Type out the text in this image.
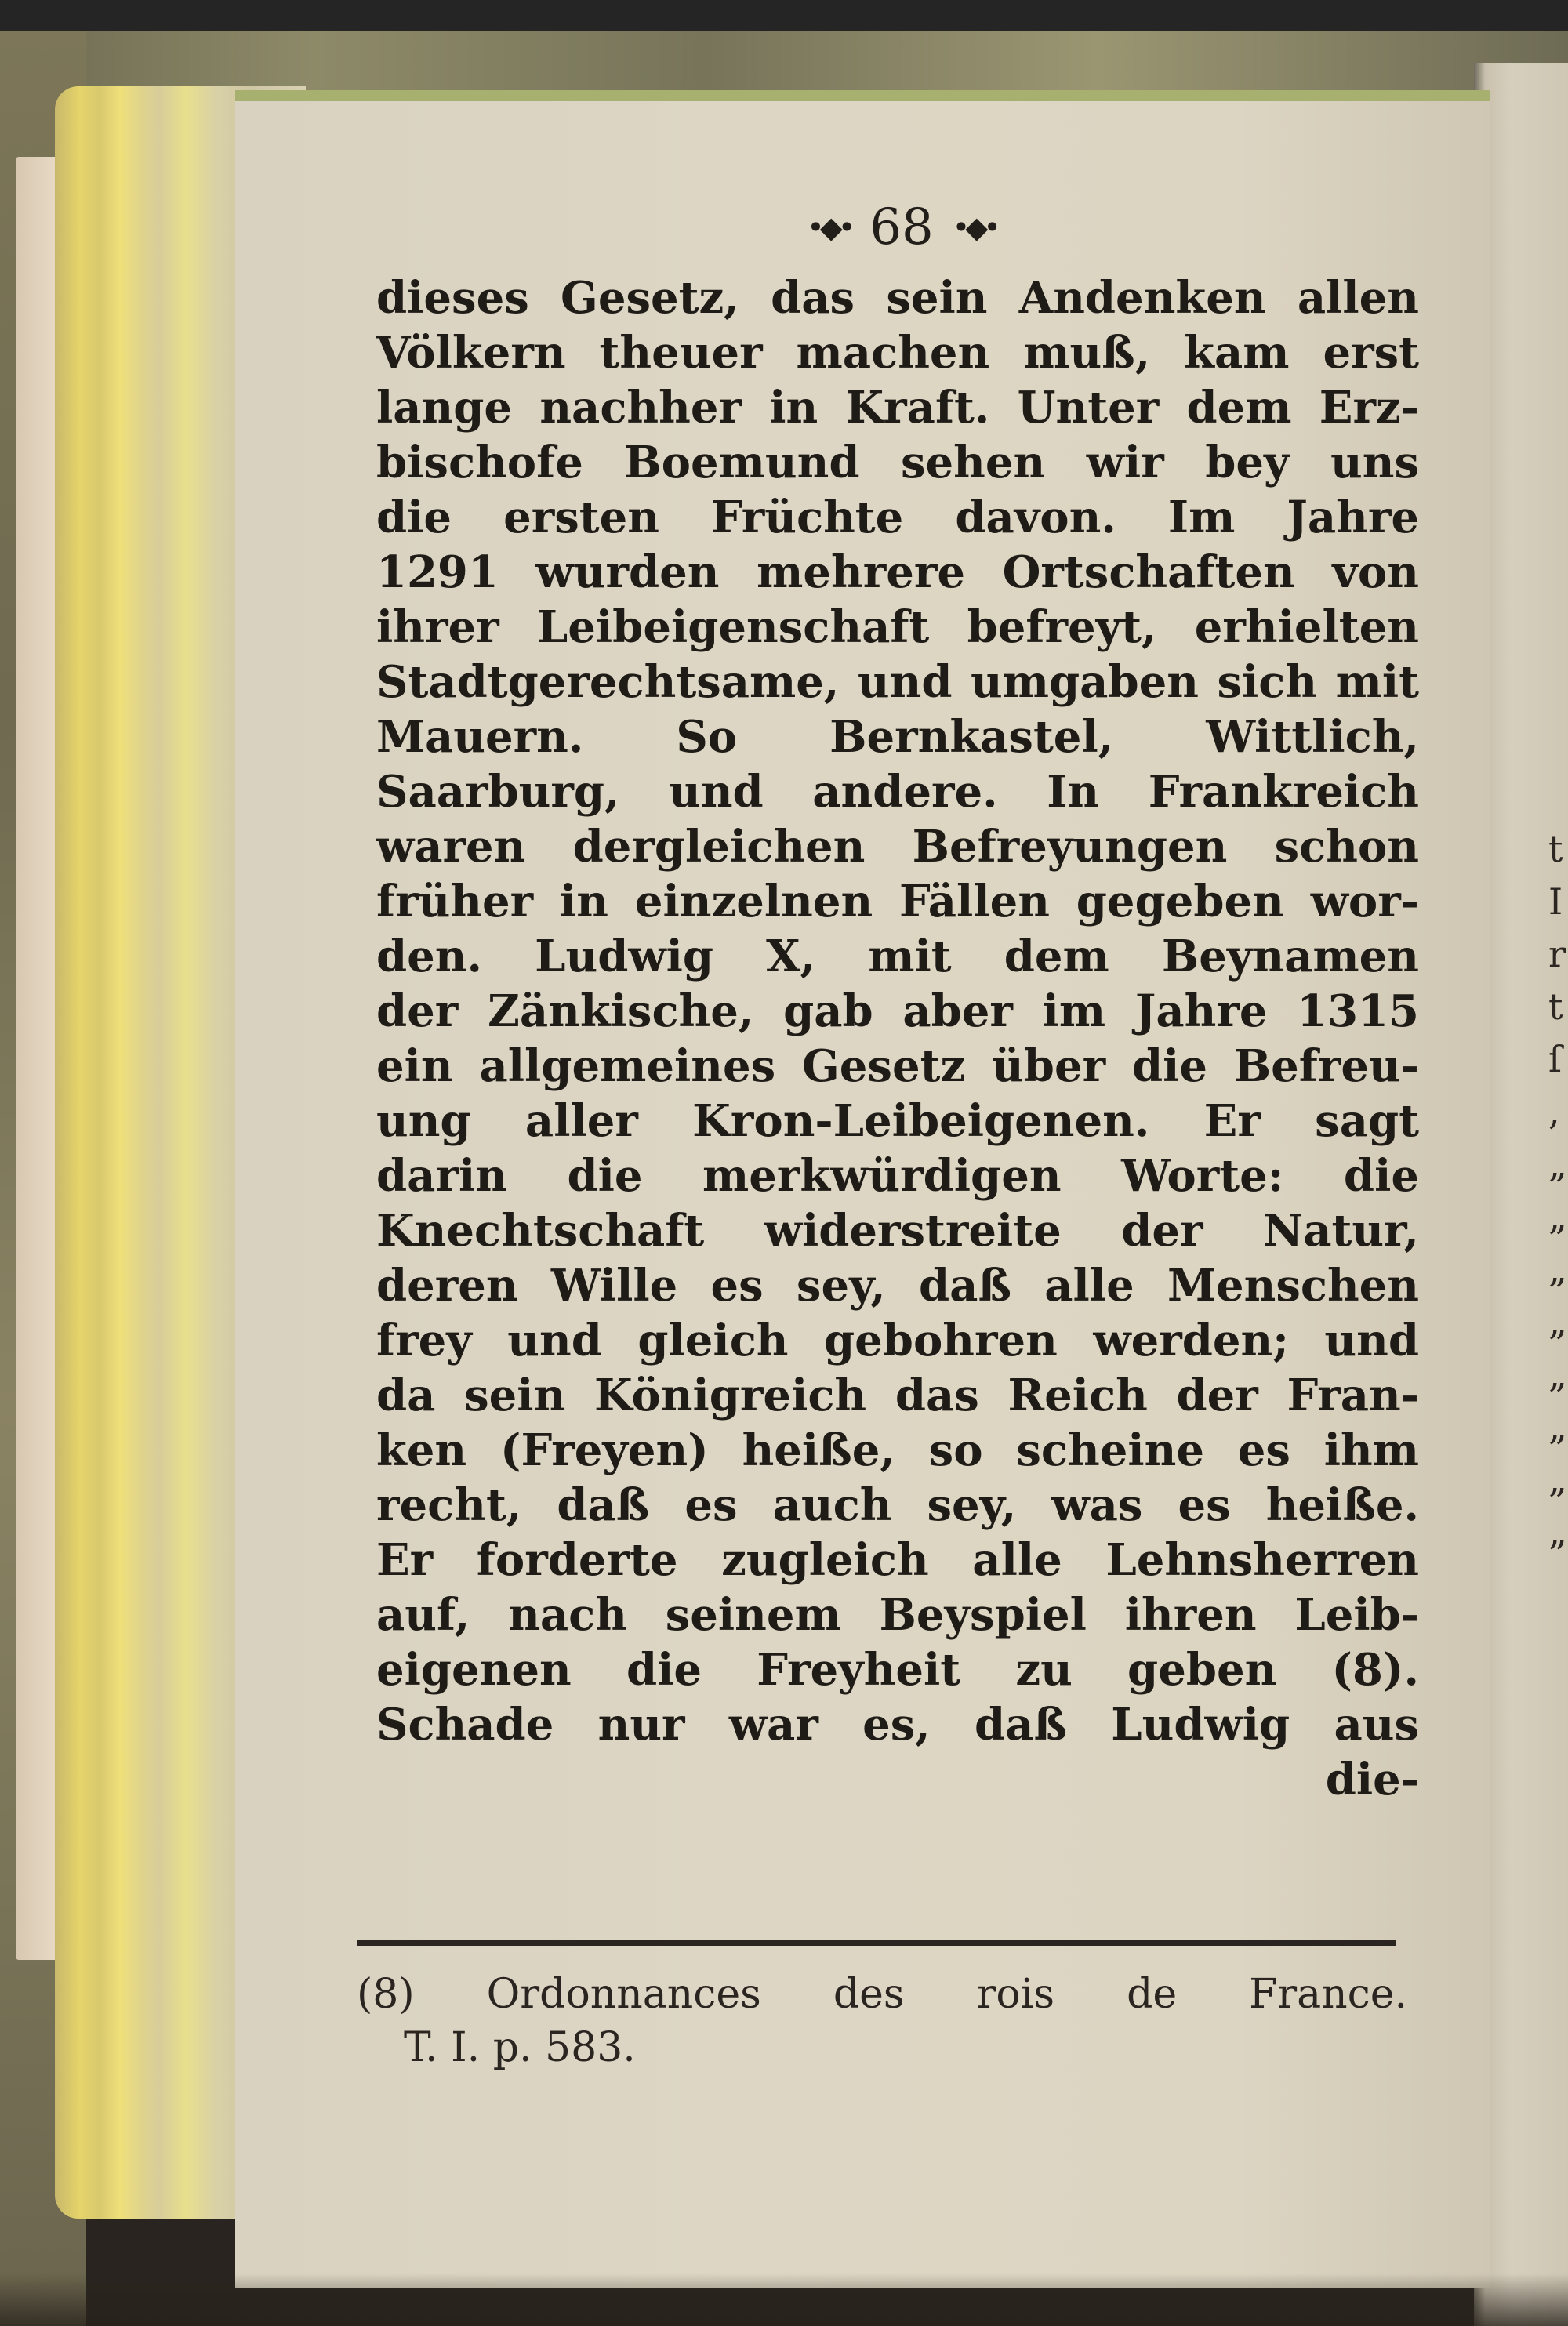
t
I
r
t
ſ
,
„
„
„
„
„
„
„
„
•◆• 68 •◆•
dieses Gesetz, das sein Andenken allen
Völkern theuer machen muß, kam erst
lange nachher in Kraft. Unter dem Erz-
bischofe Boemund sehen wir bey uns
die ersten Früchte davon. Im Jahre
1291 wurden mehrere Ortschaften von
ihrer Leibeigenschaft befreyt, erhielten
Stadtgerechtsame, und umgaben sich mit
Mauern. So Bernkastel, Wittlich,
Saarburg, und andere. In Frankreich
waren dergleichen Befreyungen schon
früher in einzelnen Fällen gegeben wor-
den. Ludwig X, mit dem Beynamen
der Zänkische, gab aber im Jahre 1315
ein allgemeines Gesetz über die Befreu-
ung aller Kron-Leibeigenen. Er sagt
darin die merkwürdigen Worte: die
Knechtschaft widerstreite der Natur,
deren Wille es sey, daß alle Menschen
frey und gleich gebohren werden; und
da sein Königreich das Reich der Fran-
ken (Freyen) heiße, so scheine es ihm
recht, daß es auch sey, was es heiße.
Er forderte zugleich alle Lehnsherren
auf, nach seinem Beyspiel ihren Leib-
eigenen die Freyheit zu geben (8).
Schade nur war es, daß Ludwig aus
die-
(8) Ordonnances des rois de France.
T. I. p. 583.
